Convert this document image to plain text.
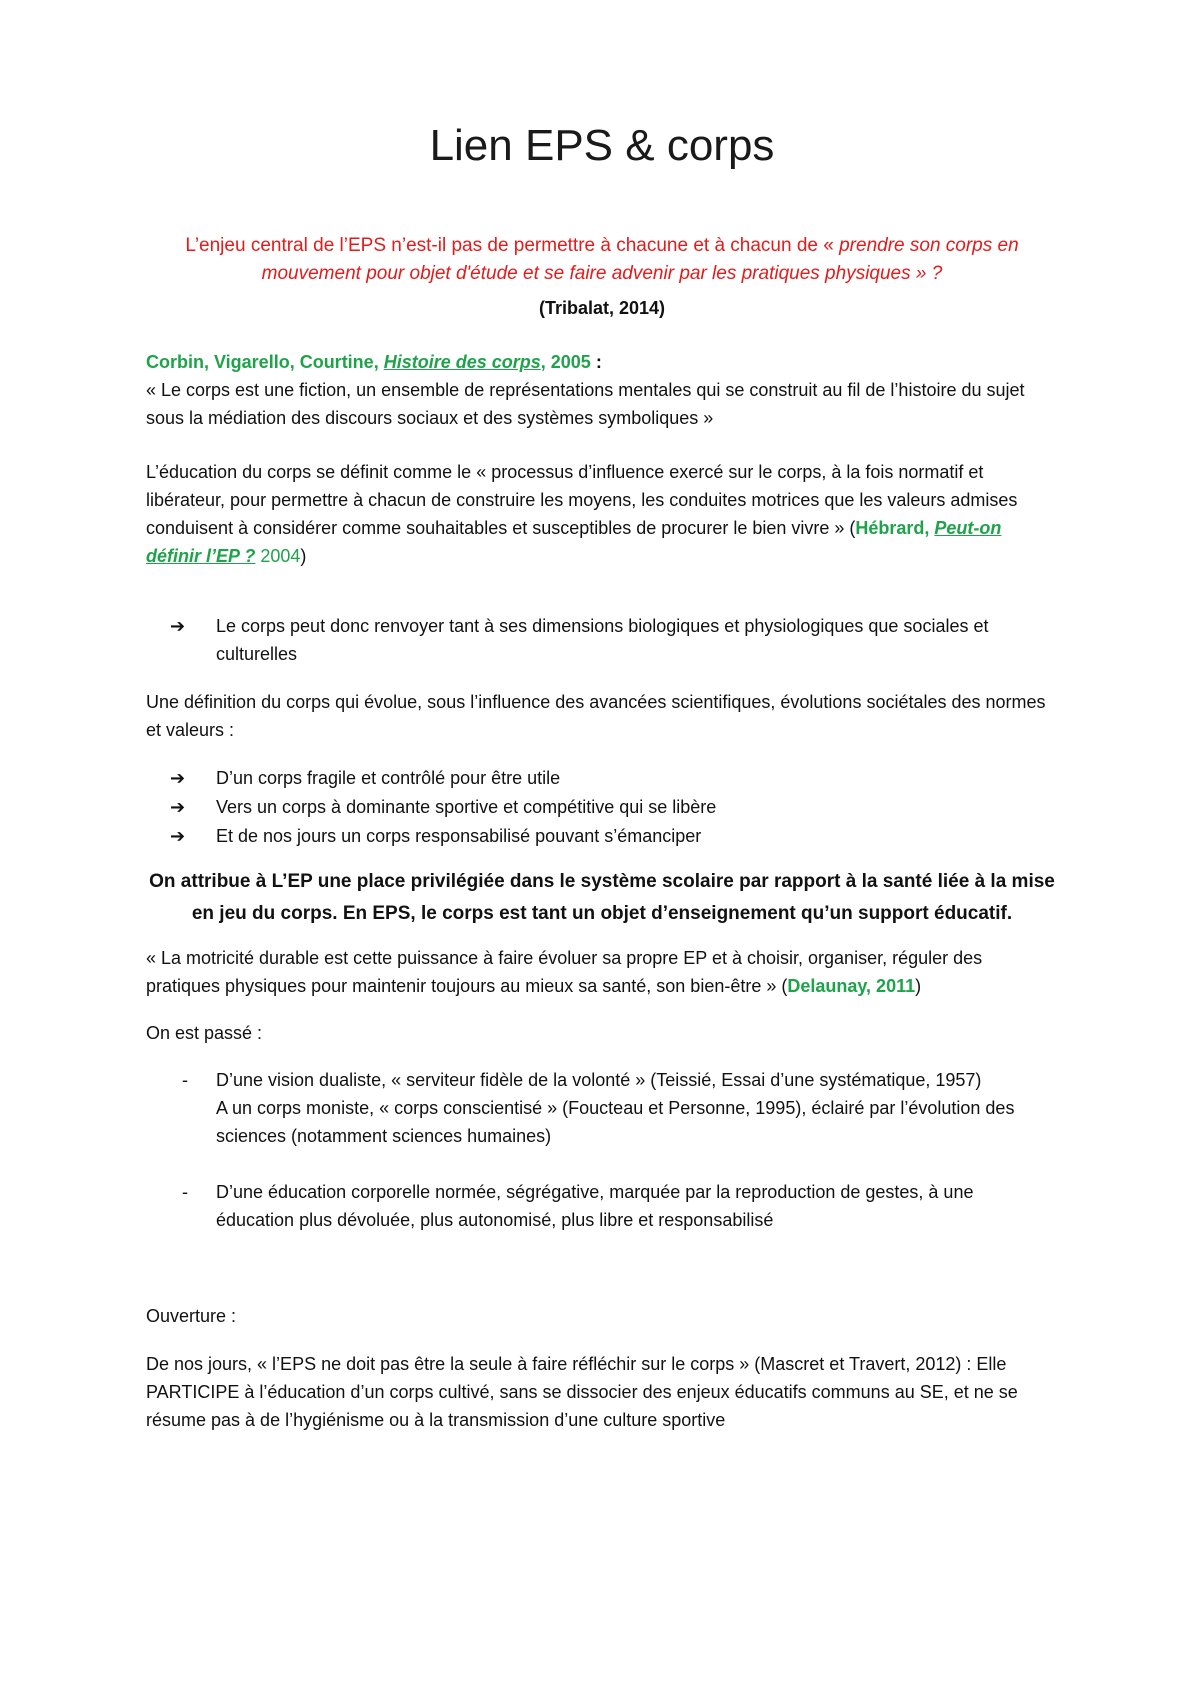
Lien EPS & corps
L’enjeu central de l’EPS n’est-il pas de permettre à chacune et à chacun de « prendre son corps en mouvement pour objet d'étude et se faire advenir par les pratiques physiques » ?
(Tribalat, 2014)
Corbin, Vigarello, Courtine, Histoire des corps, 2005 :
« Le corps est une fiction, un ensemble de représentations mentales qui se construit au fil de l’histoire du sujet sous la médiation des discours sociaux et des systèmes symboliques »
L’éducation du corps se définit comme le « processus d’influence exercé sur le corps, à la fois normatif et libérateur, pour permettre à chacun de construire les moyens, les conduites motrices que les valeurs admises conduisent à considérer comme souhaitables et susceptibles de procurer le bien vivre » (Hébrard, Peut-on définir l’EP ? 2004)
➔	Le corps peut donc renvoyer tant à ses dimensions biologiques et physiologiques que sociales et culturelles
Une définition du corps qui évolue, sous l’influence des avancées scientifiques, évolutions sociétales des normes et valeurs :
➔	D’un corps fragile et contrôlé pour être utile
➔	Vers un corps à dominante sportive et compétitive qui se libère
➔	Et de nos jours un corps responsabilisé pouvant s’émanciper
On attribue à L’EP une place privilégiée dans le système scolaire par rapport à la santé liée à la mise en jeu du corps. En EPS, le corps est tant un objet d’enseignement qu’un support éducatif.
« La motricité durable est cette puissance à faire évoluer sa propre EP et à choisir, organiser, réguler des pratiques physiques pour maintenir toujours au mieux sa santé, son bien-être » (Delaunay, 2011)
On est passé :
- D’une vision dualiste, « serviteur fidèle de la volonté » (Teissié, Essai d’une systématique, 1957)
A un corps moniste, « corps conscientisé » (Foucteau et Personne, 1995), éclairé par l’évolution des sciences (notamment sciences humaines)
- D’une éducation corporelle normée, ségrégative, marquée par la reproduction de gestes, à une éducation plus dévoluée, plus autonomisé, plus libre et responsabilisé
Ouverture :
De nos jours, « l’EPS ne doit pas être la seule à faire réfléchir sur le corps » (Mascret et Travert, 2012) : Elle PARTICIPE à l’éducation d’un corps cultivé, sans se dissocier des enjeux éducatifs communs au SE, et ne se résume pas à de l’hygiénisme ou à la transmission d’une culture sportive
